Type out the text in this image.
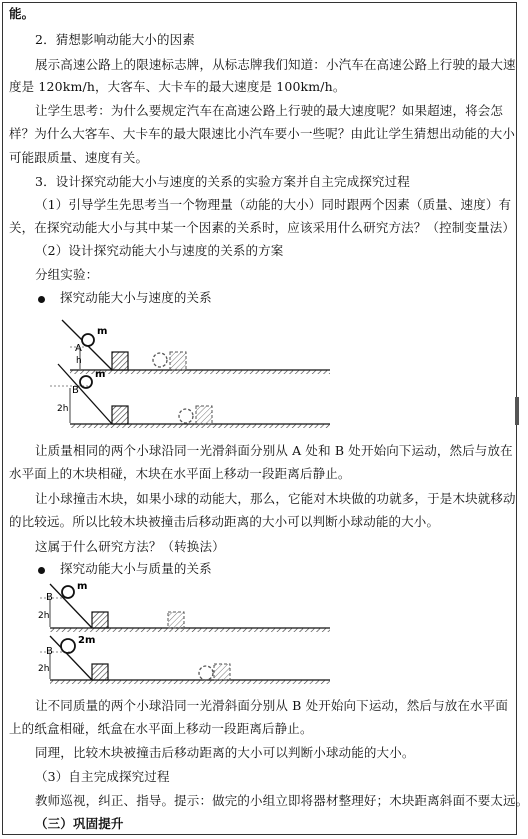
能。
2．猜想影响动能大小的因素
展示高速公路上的限速标志牌，从标志牌我们知道：小汽车在高速公路上行驶的最大速
度是 120km/h，大客车、大卡车的最大速度是 100km/h。
让学生思考：为什么要规定汽车在高速公路上行驶的最大速度呢？如果超速，将会怎
样？为什么大客车、大卡车的最大限速比小汽车要小一些呢？由此让学生猜想出动能的大小
可能跟质量、速度有关。
3．设计探究动能大小与速度的关系的实验方案并自主完成探究过程
（1）引导学生先思考当一个物理量（动能的大小）同时跟两个因素（质量、速度）有
关，在探究动能大小与其中某一个因素的关系时，应该采用什么研究方法？（控制变量法）
（2）设计探究动能大小与速度的关系的方案
分组实验：
探究动能大小与速度的关系
m
A
h
m
B
2h
让质量相同的两个小球沿同一光滑斜面分别从 A 处和 B 处开始向下运动，然后与放在
水平面上的木块相碰，木块在水平面上移动一段距离后静止。
让小球撞击木块，如果小球的动能大，那么，它能对木块做的功就多，于是木块就移动
的比较远。所以比较木块被撞击后移动距离的大小可以判断小球动能的大小。
这属于什么研究方法？（转换法）
探究动能大小与质量的关系
m
B
2h
2m
B
2h
让不同质量的两个小球沿同一光滑斜面分别从 B 处开始向下运动，然后与放在水平面
上的纸盒相碰，纸盒在水平面上移动一段距离后静止。
同理，比较木块被撞击后移动距离的大小可以判断小球动能的大小。
（3）自主完成探究过程
教师巡视，纠正、指导。提示：做完的小组立即将器材整理好；木块距离斜面不要太远。
（三）巩固提升
